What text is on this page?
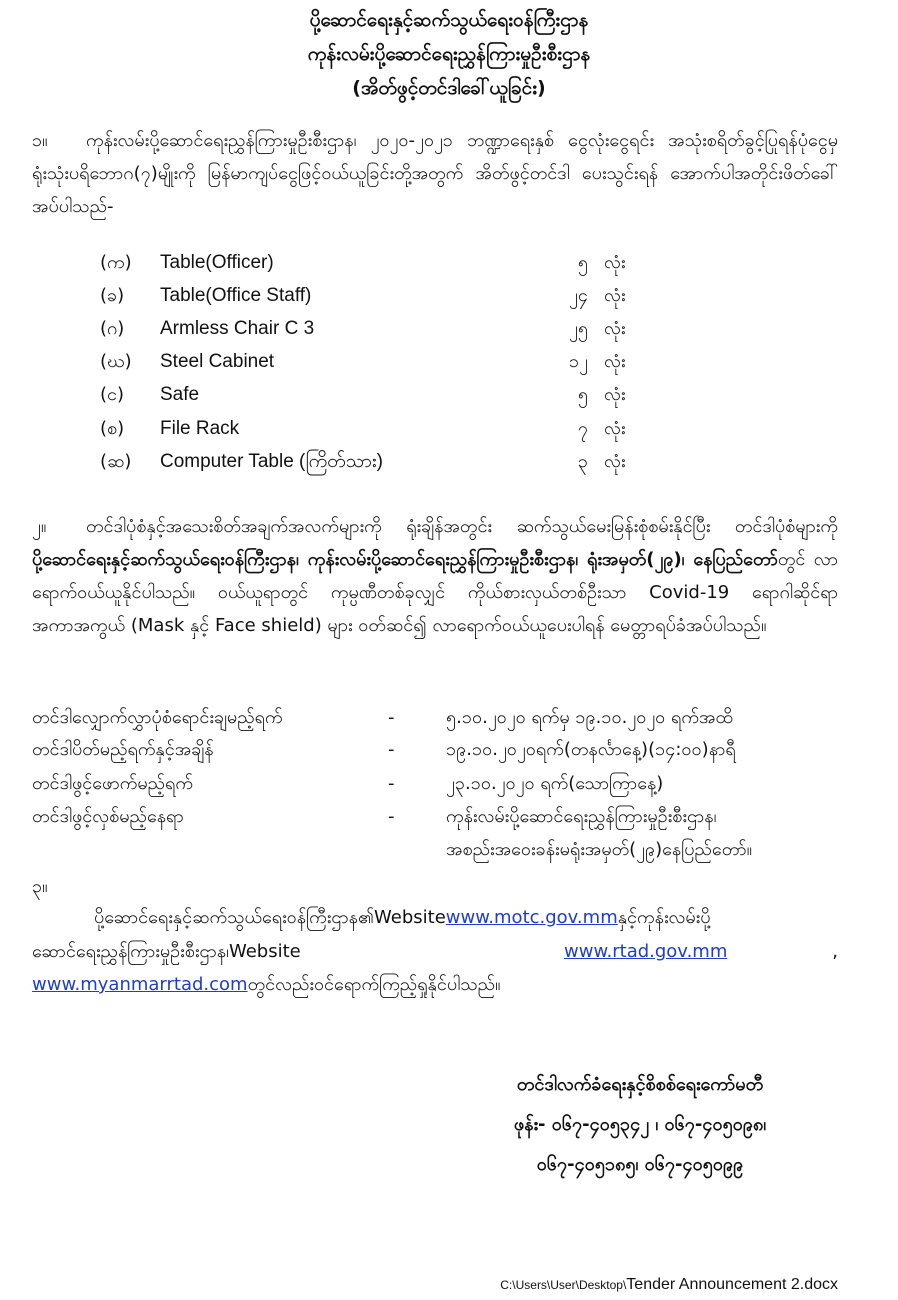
ပို့ဆောင်ရေးနှင့်ဆက်သွယ်ရေးဝန်ကြီးဌာန
ကုန်းလမ်းပို့ဆောင်ရေးညွှန်ကြားမှုဦးစီးဌာန
(အိတ်ဖွင့်တင်ဒါခေါ်ယူခြင်း)
၁။ ကုန်းလမ်းပို့ဆောင်ရေးညွှန်ကြားမှုဦးစီးဌာန၊ ၂၀၂၀-၂၀၂၁ ဘဏ္ဍာရေးနှစ် ငွေလုံးငွေရင်း အသုံးစရိတ်ခွင့်ပြုရန်ပုံငွေမှ ရုံးသုံးပရိဘောဂ(၇)မျိုးကို မြန်မာကျပ်ငွေဖြင့်ဝယ်ယူခြင်းတို့အတွက် အိတ်ဖွင့်တင်ဒါ ပေးသွင်းရန် အောက်ပါအတိုင်းဖိတ်ခေါ်အပ်ပါသည်-
(က) Table(Officer)	၅ လုံး
(ခ) Table(Office Staff)	၂၄ လုံး
(ဂ) Armless Chair C 3	၂၅ လုံး
(ဃ) Steel Cabinet	၁၂ လုံး
(င) Safe	၅ လုံး
(စ) File Rack	၇ လုံး
(ဆ) Computer Table (ကြိတ်သား)	၃ လုံး
၂။ တင်ဒါပုံစံနှင့်အသေးစိတ်အချက်အလက်များကို ရုံးချိန်အတွင်း ဆက်သွယ်မေးမြန်းစုံစမ်းနိုင်ပြီး တင်ဒါပုံစံများကို ပို့ဆောင်ရေးနှင့်ဆက်သွယ်ရေးဝန်ကြီးဌာန၊ ကုန်းလမ်းပို့ဆောင်ရေးညွှန်ကြားမှုဦးစီးဌာန၊ ရုံးအမှတ်(၂၉)၊ နေပြည်တော်တွင် လာရောက်ဝယ်ယူနိုင်ပါသည်။ ဝယ်ယူရာတွင် ကုမ္ပဏီတစ်ခုလျှင် ကိုယ်စားလှယ်တစ်ဦးသာ Covid-19 ရောဂါဆိုင်ရာအကာအကွယ် (Mask နှင့် Face shield) များ ဝတ်ဆင်၍ လာရောက်ဝယ်ယူပေးပါရန် မေတ္တာရပ်ခံအပ်ပါသည်။
တင်ဒါလျှောက်လွှာပုံစံရောင်းချမည့်ရက်	-	၅.၁၀.၂၀၂၀ ရက်မှ ၁၉.၁၀.၂၀၂၀ ရက်အထိ
တင်ဒါပိတ်မည့်ရက်နှင့်အချိန်	-	၁၉.၁၀.၂၀၂၀ရက်(တနင်္လာနေ့)(၁၄:၀၀)နာရီ
တင်ဒါဖွင့်ဖောက်မည့်ရက်	-	၂၃.၁၀.၂၀၂၀ ရက်(သောကြာနေ့)
တင်ဒါဖွင့်လှစ်မည့်နေရာ	-	ကုန်းလမ်းပို့ဆောင်ရေးညွှန်ကြားမှုဦးစီးဌာန၊
အစည်းအဝေးခန်းမရုံးအမှတ်(၂၉)နေပြည်တော်။
၃။
ပို့ဆောင်ရေးနှင့်ဆက်သွယ်ရေးဝန်ကြီးဌာန၏Websitewww.motc.gov.mmနှင့်ကုန်းလမ်းပို့
ဆောင်ရေးညွှန်ကြားမှုဦးစီးဌာန၊Website	www.rtad.gov.mm	,
www.myanmarrtad.comတွင်လည်းဝင်ရောက်ကြည့်ရှုနိုင်ပါသည်။
တင်ဒါလက်ခံရေးနှင့်စိစစ်ရေးကော်မတီ
ဖုန်း- ၀၆၇-၄၀၅၃၄၂ ၊ ၀၆၇-၄၀၅၀၉၈၊
၀၆၇-၄၀၅၁၈၅၊ ၀၆၇-၄၀၅၀၉၉
C:\Users\User\Desktop\Tender Announcement 2.docx
